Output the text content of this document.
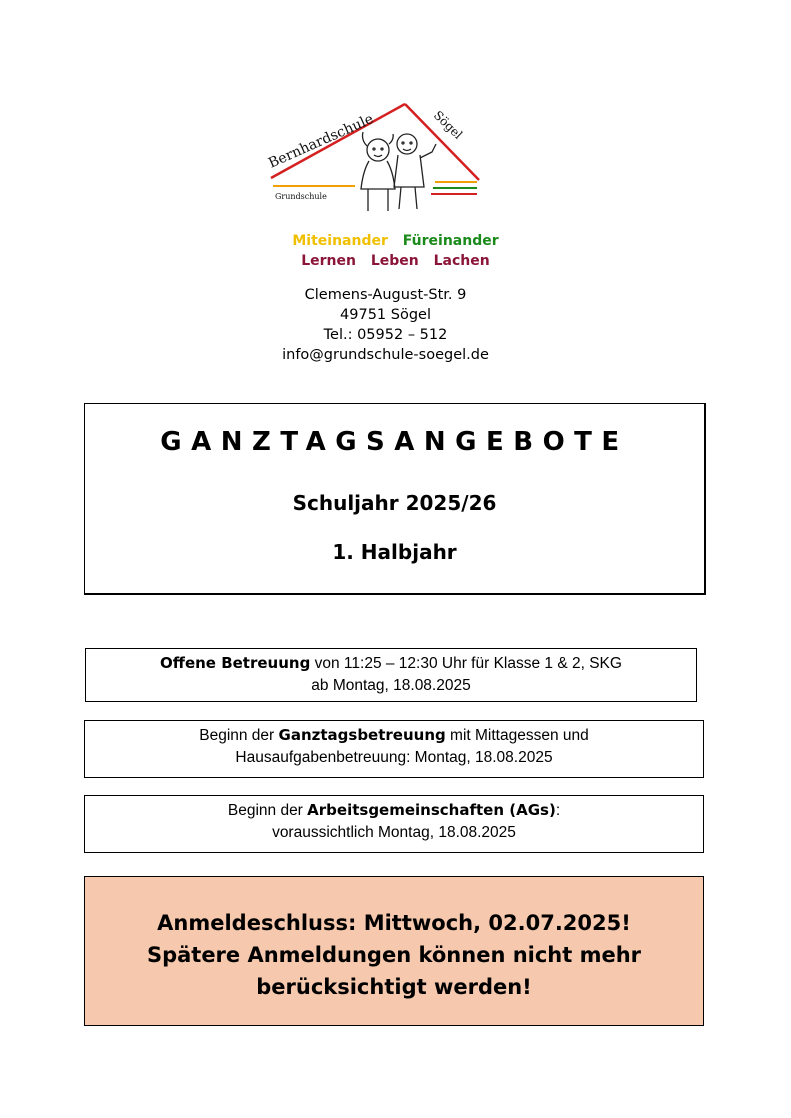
Bernhardschule	Sögel
Grundschule
Miteinander Füreinander
Lernen Leben Lachen
Clemens-August-Str. 9
49751 Sögel
Tel.: 05952 – 512
info@grundschule-soegel.de
GANZTAGSANGEBOTE
Schuljahr 2025/26
1. Halbjahr
Offene Betreuung von 11:25 – 12:30 Uhr für Klasse 1 & 2, SKG
ab Montag, 18.08.2025
Beginn der Ganztagsbetreuung mit Mittagessen und
Hausaufgabenbetreuung: Montag, 18.08.2025
Beginn der Arbeitsgemeinschaften (AGs):
voraussichtlich Montag, 18.08.2025
Anmeldeschluss: Mittwoch, 02.07.2025!
Spätere Anmeldungen können nicht mehr
berücksichtigt werden!
